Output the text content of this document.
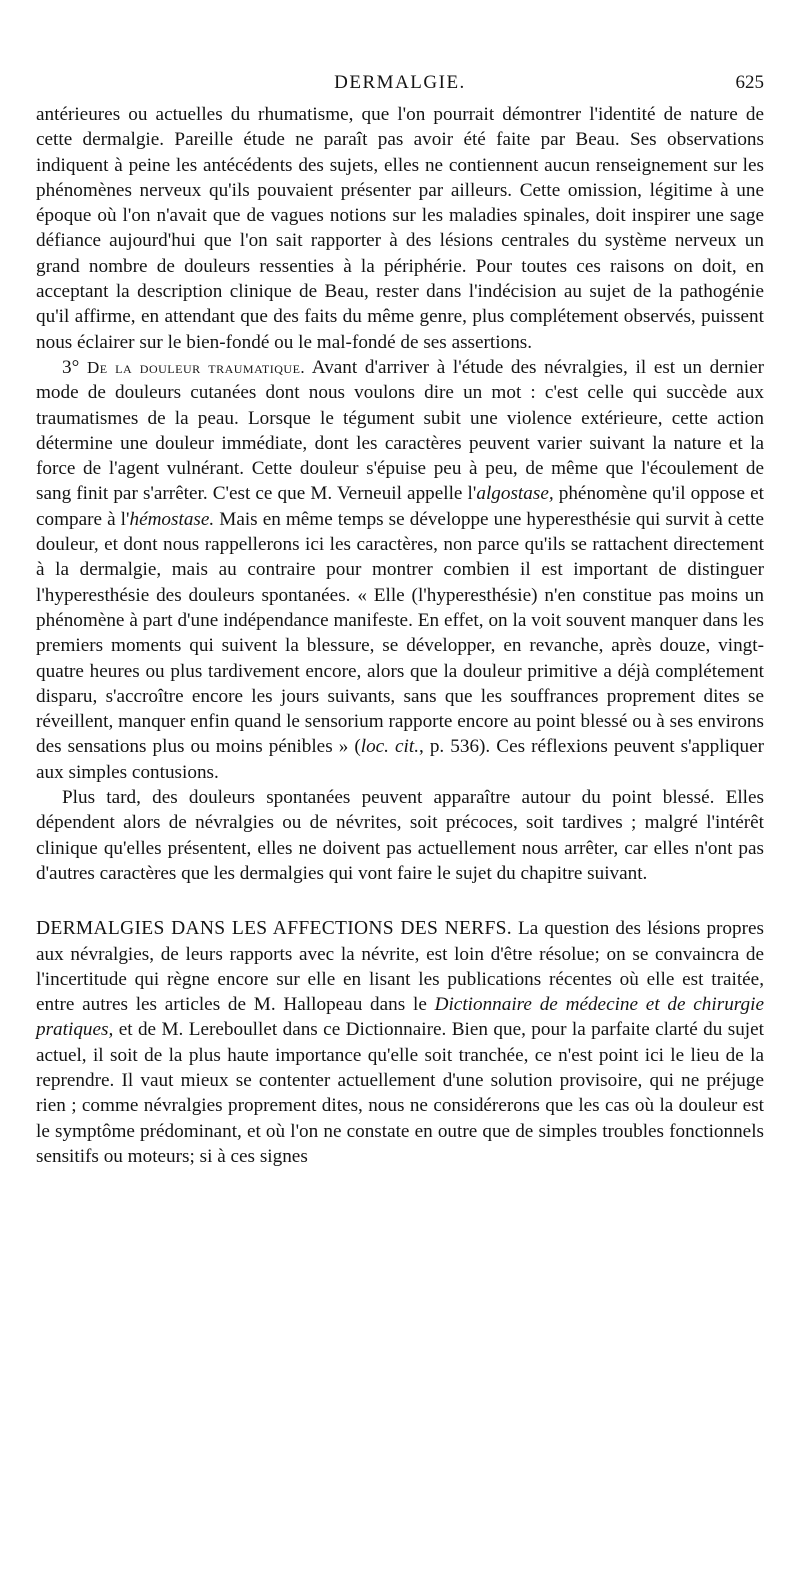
DERMALGIE.	625

antérieures ou actuelles du rhumatisme, que l'on pourrait démontrer l'identité de nature de cette dermalgie. Pareille étude ne paraît pas avoir été faite par Beau. Ses observations indiquent à peine les antécédents des sujets, elles ne contiennent aucun renseignement sur les phénomènes nerveux qu'ils pouvaient présenter par ailleurs. Cette omission, légitime à une époque où l'on n'avait que de vagues notions sur les maladies spinales, doit inspirer une sage défiance aujourd'hui que l'on sait rapporter à des lésions centrales du système nerveux un grand nombre de douleurs ressenties à la périphérie. Pour toutes ces raisons on doit, en acceptant la description clinique de Beau, rester dans l'indécision au sujet de la pathogénie qu'il affirme, en attendant que des faits du même genre, plus complétement observés, puissent nous éclairer sur le bien-fondé ou le mal-fondé de ses assertions.

3° De la douleur traumatique. Avant d'arriver à l'étude des névralgies, il est un dernier mode de douleurs cutanées dont nous voulons dire un mot : c'est celle qui succède aux traumatismes de la peau. Lorsque le tégument subit une violence extérieure, cette action détermine une douleur immédiate, dont les caractères peuvent varier suivant la nature et la force de l'agent vulnérant. Cette douleur s'épuise peu à peu, de même que l'écoulement de sang finit par s'arrêter. C'est ce que M. Verneuil appelle l'algostase, phénomène qu'il oppose et compare à l'hémostase. Mais en même temps se développe une hyperesthésie qui survit à cette douleur, et dont nous rappellerons ici les caractères, non parce qu'ils se rattachent directement à la dermalgie, mais au contraire pour montrer combien il est important de distinguer l'hyperesthésie des douleurs spontanées. « Elle (l'hyperesthésie) n'en constitue pas moins un phénomène à part d'une indépendance manifeste. En effet, on la voit souvent manquer dans les premiers moments qui suivent la blessure, se développer, en revanche, après douze, vingt-quatre heures ou plus tardivement encore, alors que la douleur primitive a déjà complétement disparu, s'accroître encore les jours suivants, sans que les souffrances proprement dites se réveillent, manquer enfin quand le sensorium rapporte encore au point blessé ou à ses environs des sensations plus ou moins pénibles » (loc. cit., p. 536). Ces réflexions peuvent s'appliquer aux simples contusions.

Plus tard, des douleurs spontanées peuvent apparaître autour du point blessé. Elles dépendent alors de névralgies ou de névrites, soit précoces, soit tardives ; malgré l'intérêt clinique qu'elles présentent, elles ne doivent pas actuellement nous arrêter, car elles n'ont pas d'autres caractères que les dermalgies qui vont faire le sujet du chapitre suivant.

DERMALGIES DANS LES AFFECTIONS DES NERFS. La question des lésions propres aux névralgies, de leurs rapports avec la névrite, est loin d'être résolue; on se convaincra de l'incertitude qui règne encore sur elle en lisant les publications récentes où elle est traitée, entre autres les articles de M. Hallopeau dans le Dictionnaire de médecine et de chirurgie pratiques, et de M. Lereboullet dans ce Dictionnaire. Bien que, pour la parfaite clarté du sujet actuel, il soit de la plus haute importance qu'elle soit tranchée, ce n'est point ici le lieu de la reprendre. Il vaut mieux se contenter actuellement d'une solution provisoire, qui ne préjuge rien ; comme névralgies proprement dites, nous ne considérerons que les cas où la douleur est le symptôme prédominant, et où l'on ne constate en outre que de simples troubles fonctionnels sensitifs ou moteurs; si à ces signes
